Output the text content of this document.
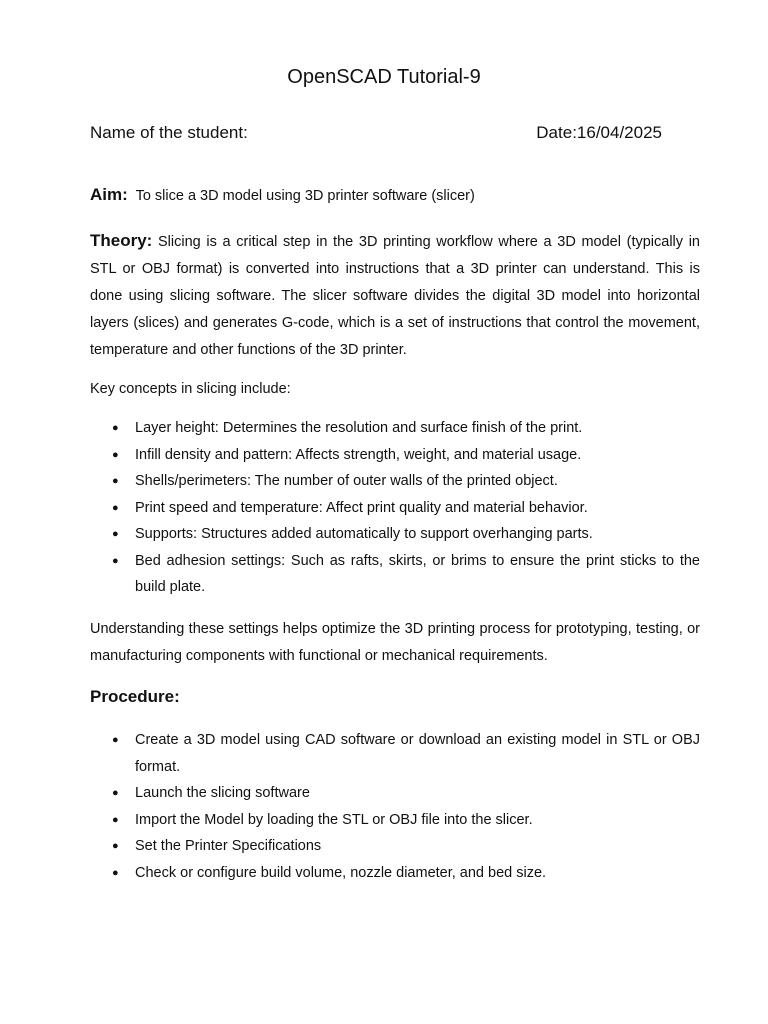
OpenSCAD Tutorial-9
Name of the student:	Date:16/04/2025
Aim: To slice a 3D model using 3D printer software (slicer)
Theory: Slicing is a critical step in the 3D printing workflow where a 3D model (typically in STL or OBJ format) is converted into instructions that a 3D printer can understand. This is done using slicing software. The slicer software divides the digital 3D model into horizontal layers (slices) and generates G-code, which is a set of instructions that control the movement, temperature and other functions of the 3D printer.
Key concepts in slicing include:
● Layer height: Determines the resolution and surface finish of the print.
● Infill density and pattern: Affects strength, weight, and material usage.
● Shells/perimeters: The number of outer walls of the printed object.
● Print speed and temperature: Affect print quality and material behavior.
● Supports: Structures added automatically to support overhanging parts.
● Bed adhesion settings: Such as rafts, skirts, or brims to ensure the print sticks to the build plate.
Understanding these settings helps optimize the 3D printing process for prototyping, testing, or manufacturing components with functional or mechanical requirements.
Procedure:
● Create a 3D model using CAD software or download an existing model in STL or OBJ format.
● Launch the slicing software
● Import the Model by loading the STL or OBJ file into the slicer.
● Set the Printer Specifications
● Check or configure build volume, nozzle diameter, and bed size.
